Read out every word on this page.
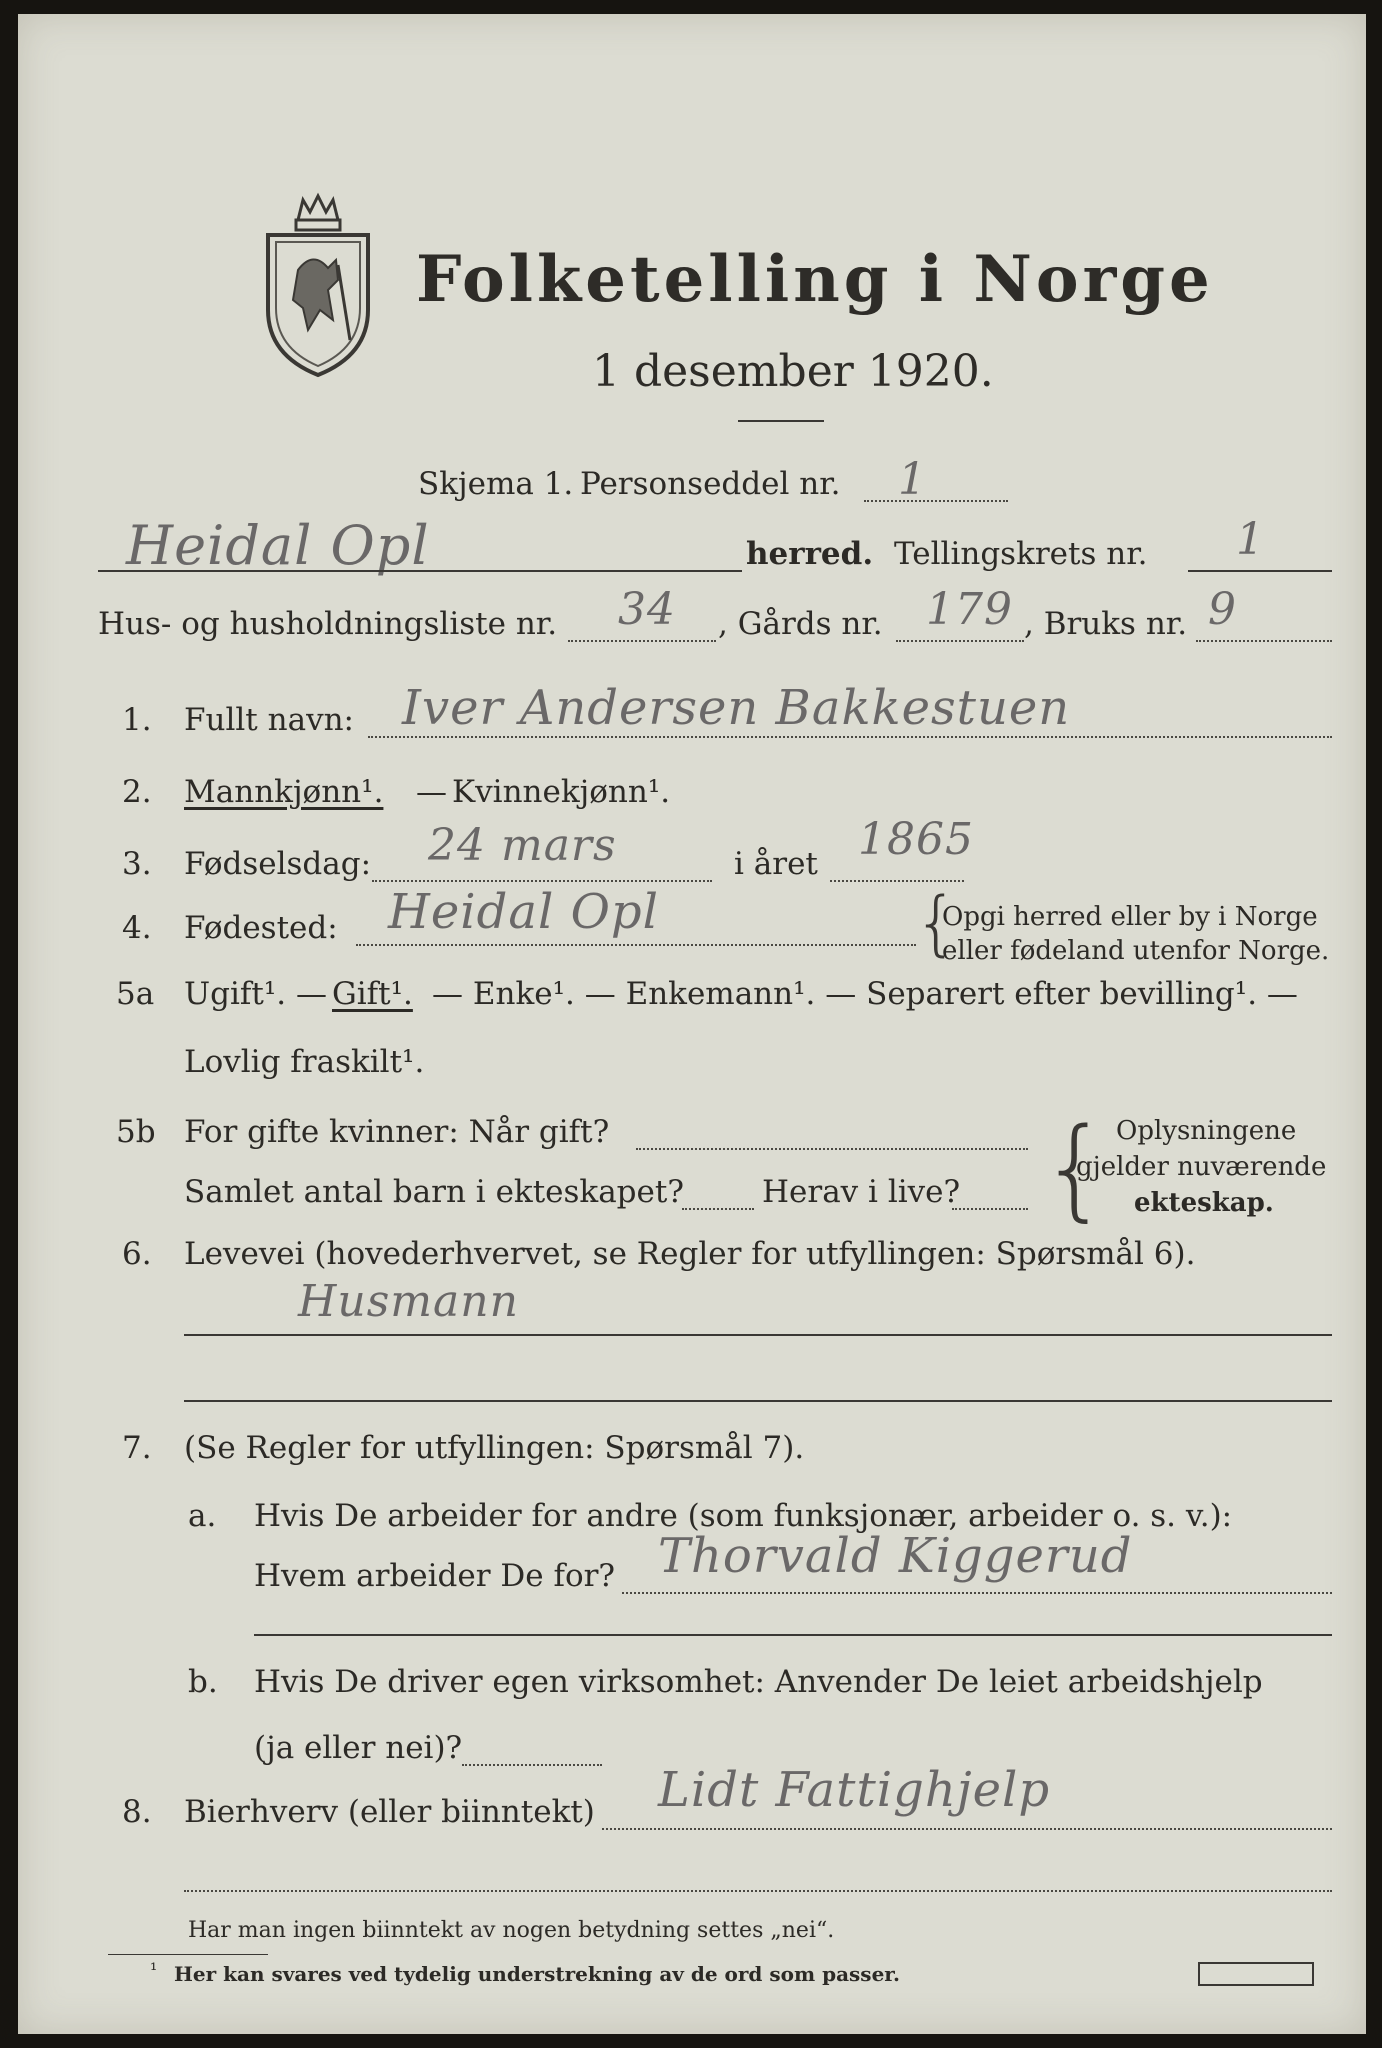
Folketelling i Norge
1 desember 1920.
Skjema 1. Personseddel nr. 1
Heidal Opl	herred. Tellingskrets nr. 1
Hus- og husholdningsliste nr. 34 , Gårds nr. 179 , Bruks nr. 9
1. Fullt navn: Iver Andersen Bakkestuen
2. Mannkjønn¹. — Kvinnekjønn¹.
3. Fødselsdag: 24 mars	i året 1865
4. Fødested: Heidal Opl	{
Opgi herred eller by i Norge
eller fødeland utenfor Norge.
5a Ugift¹. — Gift¹. — Enke¹. — Enkemann¹. — Separert efter bevilling¹. —
Lovlig fraskilt¹.
5b For gifte kvinner: Når gift?
Samlet antal barn i ekteskapet?	Herav i live? { Oplysningene
gjelder nuværende
ekteskap.
6. Levevei (hovederhvervet, se Regler for utfyllingen: Spørsmål 6).
Husmann
7. (Se Regler for utfyllingen: Spørsmål 7).
a. Hvis De arbeider for andre (som funksjonær, arbeider o. s. v.):
Hvem arbeider De for? Thorvald Kiggerud
b. Hvis De driver egen virksomhet: Anvender De leiet arbeidshjelp
(ja eller nei)?
8. Bierhverv (eller biinntekt) Lidt Fattighjelp
Har man ingen biinntekt av nogen betydning settes „nei“.
¹ Her kan svares ved tydelig understrekning av de ord som passer.
